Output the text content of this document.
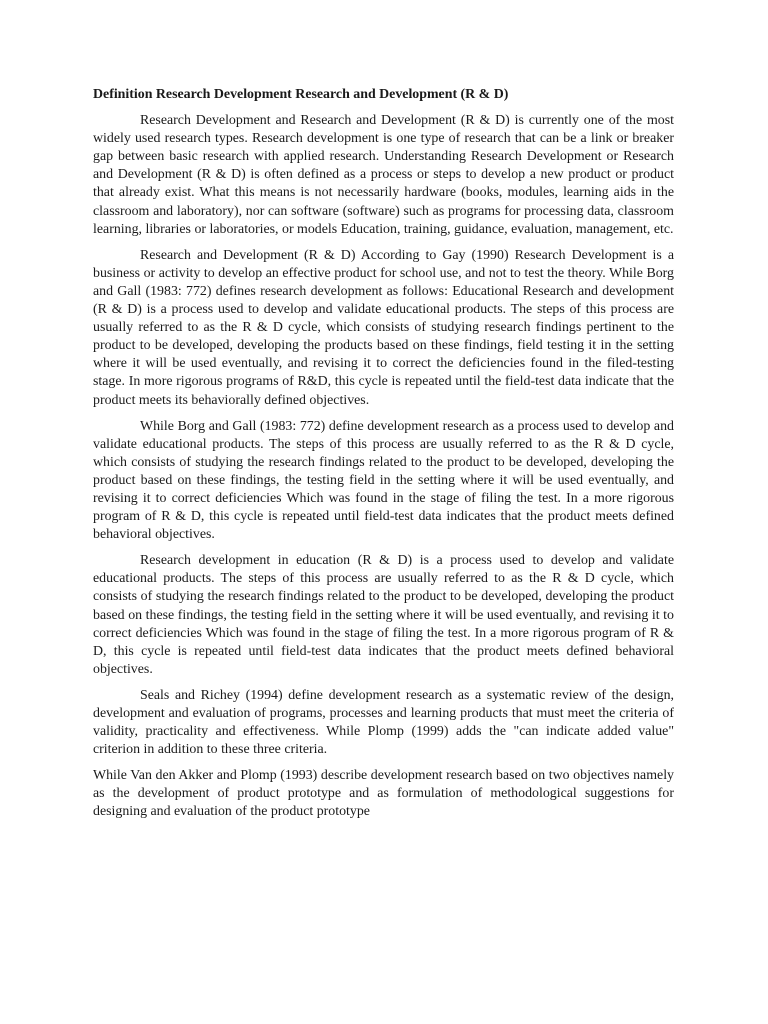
Definition Research Development Research and Development (R & D)

Research Development and Research and Development (R & D) is currently one of the most widely used research types. Research development is one type of research that can be a link or breaker gap between basic research with applied research. Understanding Research Development or Research and Development (R & D) is often defined as a process or steps to develop a new product or product that already exist. What this means is not necessarily hardware (books, modules, learning aids in the classroom and laboratory), nor can software (software) such as programs for processing data, classroom learning, libraries or laboratories, or models Education, training, guidance, evaluation, management, etc.

Research and Development (R & D) According to Gay (1990) Research Development is a business or activity to develop an effective product for school use, and not to test the theory. While Borg and Gall (1983: 772) defines research development as follows: Educational Research and development (R & D) is a process used to develop and validate educational products. The steps of this process are usually referred to as the R & D cycle, which consists of studying research findings pertinent to the product to be developed, developing the products based on these findings, field testing it in the setting where it will be used eventually, and revising it to correct the deficiencies found in the filed-testing stage. In more rigorous programs of R&D, this cycle is repeated until the field-test data indicate that the product meets its behaviorally defined objectives.

While Borg and Gall (1983: 772) define development research as a process used to develop and validate educational products. The steps of this process are usually referred to as the R & D cycle, which consists of studying the research findings related to the product to be developed, developing the product based on these findings, the testing field in the setting where it will be used eventually, and revising it to correct deficiencies Which was found in the stage of filing the test. In a more rigorous program of R & D, this cycle is repeated until field-test data indicates that the product meets defined behavioral objectives.

Research development in education (R & D) is a process used to develop and validate educational products. The steps of this process are usually referred to as the R & D cycle, which consists of studying the research findings related to the product to be developed, developing the product based on these findings, the testing field in the setting where it will be used eventually, and revising it to correct deficiencies Which was found in the stage of filing the test. In a more rigorous program of R & D, this cycle is repeated until field-test data indicates that the product meets defined behavioral objectives.

Seals and Richey (1994) define development research as a systematic review of the design, development and evaluation of programs, processes and learning products that must meet the criteria of validity, practicality and effectiveness. While Plomp (1999) adds the "can indicate added value" criterion in addition to these three criteria.

While Van den Akker and Plomp (1993) describe development research based on two objectives namely as the development of product prototype and as formulation of methodological suggestions for designing and evaluation of the product prototype
